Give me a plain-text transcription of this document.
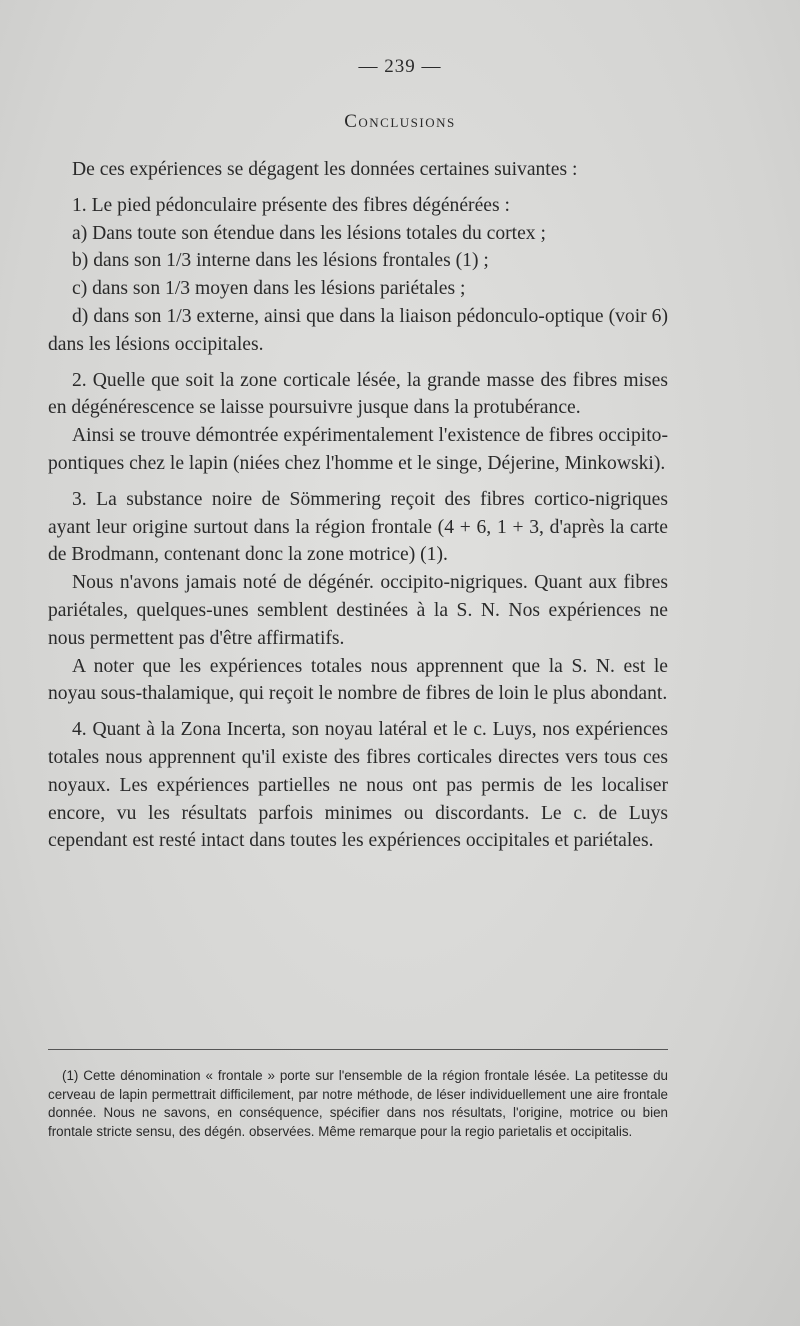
— 239 —
Conclusions

De ces expériences se dégagent les données certaines suivantes :

1. Le pied pédonculaire présente des fibres dégénérées :

a) Dans toute son étendue dans les lésions totales du cortex ;

b) dans son 1/3 interne dans les lésions frontales (1) ;

c) dans son 1/3 moyen dans les lésions pariétales ;

d) dans son 1/3 externe, ainsi que dans la liaison pédonculo-optique (voir 6) dans les lésions occipitales.

2. Quelle que soit la zone corticale lésée, la grande masse des fibres mises en dégénérescence se laisse poursuivre jusque dans la protubérance.

Ainsi se trouve démontrée expérimentalement l'existence de fibres occipito-pontiques chez le lapin (niées chez l'homme et le singe, Déjerine, Minkowski).

3. La substance noire de Sömmering reçoit des fibres cortico-nigriques ayant leur origine surtout dans la région frontale (4 + 6, 1 + 3, d'après la carte de Brodmann, contenant donc la zone motrice) (1).

Nous n'avons jamais noté de dégénér. occipito-nigriques. Quant aux fibres pariétales, quelques-unes semblent destinées à la S. N. Nos expériences ne nous permettent pas d'être affirmatifs.

A noter que les expériences totales nous apprennent que la S. N. est le noyau sous-thalamique, qui reçoit le nombre de fibres de loin le plus abondant.

4. Quant à la Zona Incerta, son noyau latéral et le c. Luys, nos expériences totales nous apprennent qu'il existe des fibres corticales directes vers tous ces noyaux. Les expériences partielles ne nous ont pas permis de les localiser encore, vu les résultats parfois minimes ou discordants. Le c. de Luys cependant est resté intact dans toutes les expériences occipitales et pariétales.

(1) Cette dénomination « frontale » porte sur l'ensemble de la région frontale lésée. La petitesse du cerveau de lapin permettrait difficilement, par notre méthode, de léser individuellement une aire frontale donnée. Nous ne savons, en conséquence, spécifier dans nos résultats, l'origine, motrice ou bien frontale stricte sensu, des dégén. observées. Même remarque pour la regio parietalis et occipitalis.
